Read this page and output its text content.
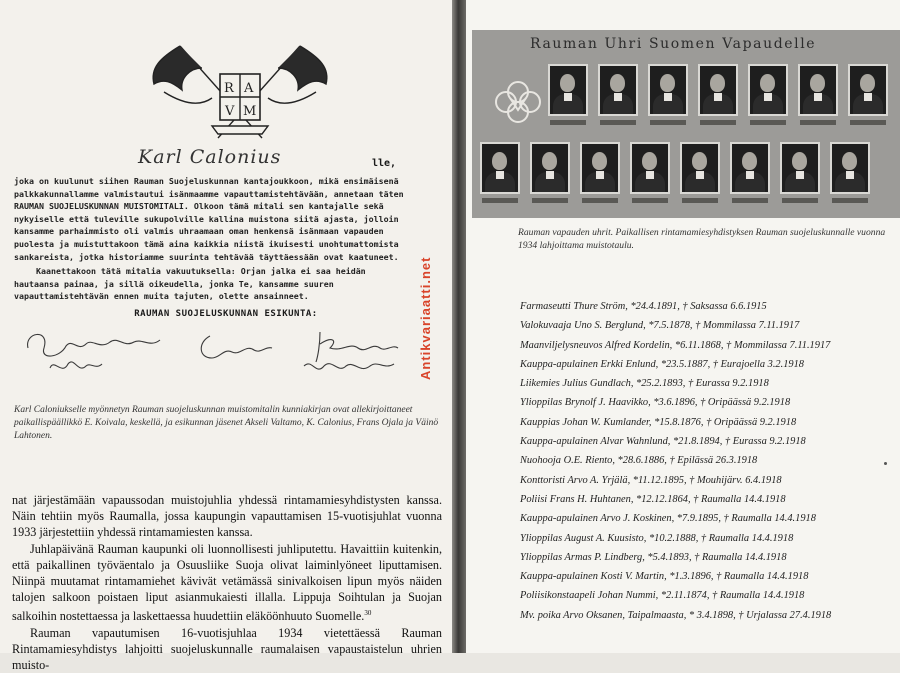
R A
V M
Karl Calonius	lle,

joka on kuulunut siihen Rauman Suojeluskunnan kantajoukkoon, mikä ensimäisenä palkkakunnallamme valmistautui isänmaamme vapauttamistehtävään, annetaan täten RAUMAN SUOJELUSKUNNAN MUISTOMITALI. Olkoon tämä mitali sen kantajalle sekä nykyiselle että tuleville sukupolville kallina muistona siitä ajasta, jolloin kansamme parhaimmisto oli valmis uhraamaan oman henkensä isänmaan vapauden puolesta ja muistuttakoon tämä aina kaikkia niistä ikuisesti unohtumattomista sankareista, jotka historiamme suurinta tehtävää täyttäessään ovat kaatuneet.

Kaanettakoon tätä mitalia vakuutuksella: Orjan jalka ei saa heidän hautaansa painaa, ja sillä oikeudella, jonka Te, kansamme suuren vapauttamistehtävän ennen muita tajuten, olette ansainneet.

RAUMAN SUOJELUSKUNNAN ESIKUNTA:
Karl Caloniukselle myönnetyn Rauman suojeluskunnan muistomitalin kunniakirjan ovat allekirjoittaneet paikallispäällikkö E. Koivala, keskellä, ja esikunnan jäsenet Akseli Valtamo, K. Calonius, Frans Ojala ja Väinö Lahtonen.

nat järjestämään vapaussodan muistojuhlia yhdessä rintamamiesyhdistysten kanssa. Näin tehtiin myös Raumalla, jossa kaupungin vapauttamisen 15-vuotisjuhlat vuonna 1933 järjestettiin yhdessä rintamamiesten kanssa.

Juhlapäivänä Rauman kaupunki oli luonnollisesti juhliputettu. Havaittiin kuitenkin, että paikallinen työväentalo ja Osuusliike Suoja olivat laiminlyöneet liputtamisen. Niinpä muutamat rintamamiehet kävivät vetämässä sinivalkoisen lipun myös näiden talojen salkoon poistaen liput asianmukaiesti illalla. Lippuja Soihtulan ja Suojan salkoihin nostettaessa ja laskettaessa huudettiin eläköönhuuto Suomelle.$^{30}$

Rauman vapautumisen 16-vuotisjuhlaa 1934 vietettäessä Rauman Rintamamiesyhdistys lahjoitti suojeluskunnalle raumalaisen vapaustaistelun uhrien muisto-

Antikvariaatti.net
Rauman Uhri Suomen Vapaudelle
Rauman vapauden uhrit. Paikallisen rintamamiesyhdistyksen Rauman suojeluskunnalle vuonna 1934 lahjoittama muistotaulu.
Farmaseutti Thure Ström, *24.4.1891, † Saksassa 6.6.1915
Valokuvaaja Uno S. Berglund, *7.5.1878, † Mommilassa 7.11.1917
Maanviljelysneuvos Alfred Kordelin, *6.11.1868, † Mommilassa 7.11.1917
Kauppa-apulainen Erkki Enlund, *23.5.1887, † Eurajoella 3.2.1918
Liikemies Julius Gundlach, *25.2.1893, † Eurassa 9.2.1918
Ylioppilas Brynolf J. Haavikko, *3.6.1896, † Oripäässä 9.2.1918
Kauppias Johan W. Kumlander, *15.8.1876, † Oripäässä 9.2.1918
Kauppa-apulainen Alvar Wahnlund, *21.8.1894, † Eurassa 9.2.1918
Nuohooja O.E. Riento, *28.6.1886, † Epilässä 26.3.1918
Konttoristi Arvo A. Yrjälä, *11.12.1895, † Mouhijärv. 6.4.1918
Poliisi Frans H. Huhtanen, *12.12.1864, † Raumalla 14.4.1918
Kauppa-apulainen Arvo J. Koskinen, *7.9.1895, † Raumalla 14.4.1918
Ylioppilas August A. Kuusisto, *10.2.1888, † Raumalla 14.4.1918
Ylioppilas Armas P. Lindberg, *5.4.1893, † Raumalla 14.4.1918
Kauppa-apulainen Kosti V. Martin, *1.3.1896, † Raumalla 14.4.1918
Poliisikonstaapeli Johan Nummi, *2.11.1874, † Raumalla 14.4.1918
Mv. poika Arvo Oksanen, Taipalmaasta, * 3.4.1898, † Urjalassa 27.4.1918
